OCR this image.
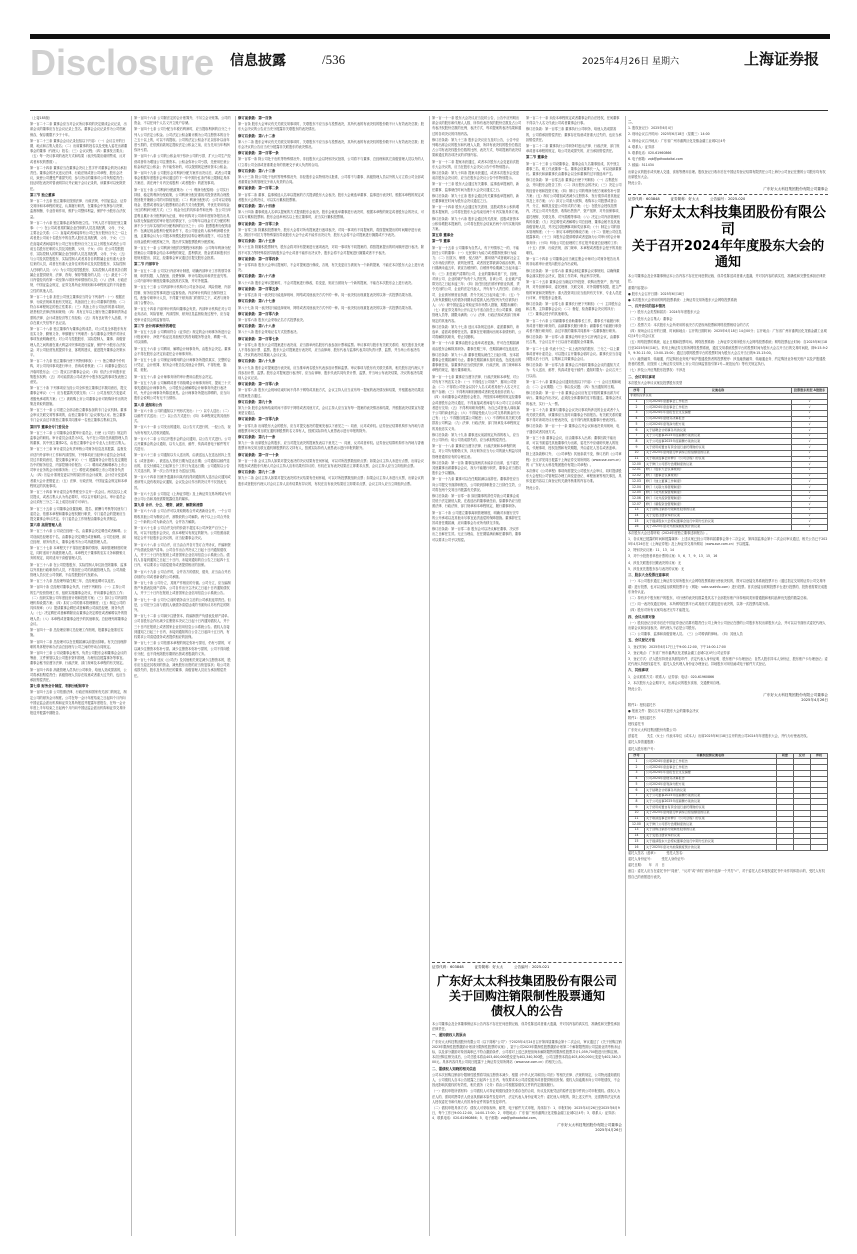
Disclosure	信息披露	/536	2025年4月26日 星期六	上海证券报
（上接185版）
第一百二十二条 董事会应当对会议所议事项的决定做成会议记录，出席会议的董事应当在会议记录上签名。董事会会议记录作为公司档案保存，保存期限不少于十年。
第一百二十三条 董事会会议记录包括以下内容：（一）会议召开的日期、地点和召集人姓名；（二）出席董事的姓名以及受他人委托出席董事会的董事（代理人）姓名；（三）会议议程；（四）董事发言要点；（五）每一决议事项的表决方式和结果（表决结果应载明赞成、反对或者弃权的票数）。
第一百二十四条 董事应当在董事会决议上签字并对董事会的决议承担责任。董事会的决议违反法律、行政法规或者公司章程、股东会决议，致使公司遭受严重损失的，参与决议的董事对公司负赔偿责任；经证明在表决时曾表明异议并记载于会议记录的，该董事可以免除责任。
第三节 独立董事
第一百二十五条 独立董事应按照法律、行政法规、中国证监会、证券交易所和本章程的规定，认真履行职责，在董事会中发挥参与决策、监督制衡、专业咨询作用，维护公司整体利益，保护中小股东合法权益。
第一百二十六条 独立董事必须保持独立性。下列人员不得担任独立董事：（一）在公司或者其附属企业任职的人员及其配偶、父母、子女、主要社会关系；（二）直接或者间接持有公司已发行股份百分之一以上或者是公司前十名股东中的自然人股东及其配偶、父母、子女；（三）在直接或者间接持有公司已发行股份百分之五以上的股东或者在公司前五名股东任职的人员及其配偶、父母、子女；（四）在公司控股股东、实际控制人的附属企业任职的人员及其配偶、父母、子女；（五）与公司及其控股股东、实际控制人或者其各自的附属企业有重大业务往来的人员，或者在有重大业务往来的单位及其控股股东、实际控制人任职的人员；（六）为公司及其控股股东、实际控制人或者其各自附属企业提供财务、法律、咨询、保荐等服务的人员；（七）最近十二个月内曾经具有第一项至第六项所列举情形的人员；（八）法律、行政法规、中国证监会规定、证券交易所业务规则和本章程规定的不具备独立性的其他人员。
第一百二十七条 担任公司独立董事应当符合下列条件：（一）根据法律、行政法规和其他有关规定，具备担任上市公司董事的资格；（二）符合本章程规定的独立性要求；（三）具备上市公司运作的基本知识，熟悉相关法律法规和规则；（四）具有五年以上履行独立董事职责所必需的法律、会计或者经济等工作经验；（五）具有良好的个人品德，不存在重大失信等不良记录。
第一百二十八条 独立董事作为董事会的成员，对公司及全体股东负有忠实义务、勤勉义务，审慎履行下列职责：参与董事会决策并对所议事项发表明确意见；对公司与控股股东、实际控制人、董事、高级管理人员之间的潜在重大利益冲突事项进行监督，保护中小股东合法权益；对公司经营发展提供专业、客观的建议，促进提升董事会决策水平。
第一百二十九条 独立董事行使下列特别职权：（一）独立聘请中介机构，对公司具体事项进行审计、咨询或者核查；（二）向董事会提议召开临时股东会；（三）提议召开董事会会议；（四）依法公开向股东征集股东权利；（五）对可能损害公司或者中小股东权益的事项发表独立意见。
第一百三十条 下列事项应当经公司全体独立董事过半数同意后，提交董事会审议：（一）应当披露的关联交易；（二）公司及相关方变更或者豁免承诺的方案；（三）被收购上市公司董事会针对收购所作出的决策及采取的措施。
第一百三十一条 公司建立全部由独立董事参加的专门会议机制。董事会审议关联交易等事项的，由独立董事专门会议事先认可。独立董事专门会议由过半数独立董事共同推举一名独立董事召集和主持。
第四节 董事会专门委员会
第一百三十二条 公司董事会设置审计委员会，行使《公司法》规定的监事会的职权。审计委员会成员为3名，为不在公司担任高级管理人员的董事，其中独立董事2名，由独立董事中会计专业人士担任召集人。
第一百三十三条 审计委员会负责审核公司财务信息及其披露、监督及评估内外部审计工作和内部控制，下列事项应当经审计委员会全体成员过半数同意后，提交董事会审议：（一）披露财务会计报告及定期报告中的财务信息、内部控制评价报告；（二）聘用或者解聘承办上市公司审计业务的会计师事务所；（三）聘任或者解聘上市公司财务负责人；（四）因会计准则变更以外的原因作出会计政策、会计估计变更或者重大会计差错更正；（五）法律、行政法规、中国证监会规定和本章程规定的其他事项。
第一百三十四条 审计委员会每季度至少召开一次会议。两名及以上成员提议，或者召集人认为有必要时，可以召开临时会议。审计委员会会议须有三分之二以上成员出席方可举行。
第一百三十五条 公司董事会设置战略、提名、薪酬与考核等其他专门委员会，依照本章程和董事会授权履行职责，专门委员会的提案应当提交董事会审议决定。专门委员会工作规程由董事会负责制定。
第六章 高级管理人员
第一百三十六条 公司设总经理一名，由董事会决定聘任或者解聘。公司设副总经理若干名，由董事会决定聘任或者解聘。公司总经理、副总经理、财务负责人、董事会秘书为公司高级管理人员。
第一百三十七条 本章程关于不得担任董事的情形、离职管理制度的规定，同时适用于高级管理人员。本章程关于董事的忠实义务和勤勉义务的规定，同时适用于高级管理人员。
第一百三十八条 在公司控股股东、实际控制人单位担任除董事、监事以外其他行政职务的人员，不得担任公司的高级管理人员。公司高级管理人员仅在公司领薪，不由控股股东代发薪水。
第一百三十九条 总经理每届任期三年，总经理连聘可以连任。
第一百四十条 总经理对董事会负责，行使下列职权：（一）主持公司的生产经营管理工作，组织实施董事会决议，并向董事会报告工作；（二）组织实施公司年度经营计划和投资方案；（三）拟订公司内部管理机构设置方案；（四）拟订公司的基本管理制度；（五）制定公司的具体规章；（六）提请董事会聘任或者解聘公司副总经理、财务负责人；（七）决定聘任或者解聘除应由董事会决定聘任或者解聘以外的管理人员；（八）本章程或者董事会授予的其他职权。总经理列席董事会会议。
第一百四十一条 总经理应制订总经理工作细则，报董事会批准后实施。
第一百四十二条 总经理可以在任期届满以前提出辞职。有关总经理辞职的具体程序和办法由总经理与公司之间的劳动合同规定。
第一百四十三条 公司设董事会秘书，负责公司股东会和董事会会议的筹备、文件保管以及公司股东资料管理，办理信息披露事务等事宜。董事会秘书应遵守法律、行政法规、部门规章及本章程的有关规定。
第一百四十四条 高级管理人员执行公司职务，给他人造成损害的，公司将承担赔偿责任；高级管理人员存在故意或者重大过失的，也应当承担赔偿责任。
第七章 财务会计制度、利润分配和审计
第一百四十五条 公司依照法律、行政法规和国家有关部门的规定，制定公司的财务会计制度。公司在每一会计年度结束之日起四个月内向中国证监会派出机构和证券交易所报送并披露年度报告，在每一会计年度上半年结束之日起两个月内向中国证监会派出机构和证券交易所报送并披露中期报告。
第一百四十六条 公司除法定的会计账簿外，不另立会计账簿。公司的资金，不以任何个人名义开立账户存储。
第一百四十七条 公司分配当年税后利润时，应当提取利润的百分之十列入公司法定公积金。公司法定公积金累计额为公司注册资本的百分之五十以上的，可以不再提取。公司的法定公积金不足以弥补以前年度亏损的，在依照前款规定提取法定公积金之前，应当先用当年利润弥补亏损。
第一百四十八条 公司的公积金用于弥补公司的亏损、扩大公司生产经营或者转为增加公司注册资本。公积金弥补公司亏损，先使用任意公积金和法定公积金；仍不能弥补的，可以按照规定使用资本公积金。
第一百四十九条 公司股东会对利润分配方案作出决议后，或者公司董事会根据年度股东会审议通过的下一年中期分红条件和上限制定具体方案后，须在两个月内完成股利（或者股份）的派发事项。
第一百五十条 公司利润分配政策为：（一）利润分配原则：公司实行持续、稳定的利润分配政策，公司利润分配应重视对投资者的合理投资回报并兼顾公司的可持续发展；（二）利润分配形式：公司可以采取现金、股票或者现金与股票相结合的方式分配股利，并优先采用现金分红的利润分配方式；（三）现金分红的具体条件和比例：在公司当年盈利且累计未分配利润为正值、审计机构对公司该年度财务报告出具标准无保留意见的审计报告的情况下，公司每年以现金方式分配的利润不少于当年实现的可分配利润的百分之十；（四）股票股利分配的条件：在满足现金股利分配的条件下，若公司营业收入和净利润增长快速，且董事会认为公司股本规模及股权结构合理的前提下，可以在提出现金股利分配预案之外，提出并实施股票股利分配预案。
第一百五十一条 公司利润分配的决策程序和机制：公司每年利润分配预案由公司董事会结合本章程的规定、盈利情况、资金需求和股东回报规划提出、拟定，经董事会审议通过后提交股东会批准。
第二节 内部审计
第一百五十二条 公司实行内部审计制度，明确内部审计工作的领导体制、职责权限、人员配备、经费保障、审计结果运用和责任追究等。公司内部审计制度经董事会批准后实施，并对外披露。
第一百五十三条 公司内部审计机构对公司业务活动、风险管理、内部控制、财务信息等事项进行监督检查。内部审计机构应当保持独立性，配备专职审计人员，不得置于财务部门的领导之下，或者与财务部门合署办公。
第一百五十四条 内部审计机构向董事会负责。内部审计机构在对公司业务活动、风险管理、内部控制、财务信息监督检查过程中，应当接受审计委员会的监督指导。
第三节 会计师事务所的聘任
第一百五十五条 公司聘用符合《证券法》规定的会计师事务所进行会计报表审计、净资产验证及其他相关的咨询服务等业务，聘期一年，可以续聘。
第一百五十六条 公司聘用、解聘会计师事务所，由股东会决定。董事会不得在股东会决定前委任会计师事务所。
第一百五十七条 公司保证向聘用的会计师事务所提供真实、完整的会计凭证、会计账簿、财务会计报告及其他会计资料，不得拒绝、隐匿、谎报。
第一百五十八条 会计师事务所的审计费用由股东会决定。
第一百五十九条 公司解聘或者不再续聘会计师事务所时，提前三十天事先通知会计师事务所，公司股东会就解聘会计师事务所进行表决时，允许会计师事务所陈述意见。会计师事务所提出辞聘的，应当向股东会说明公司有无不当情形。
第八章 通知和公告
第一百六十条 公司的通知以下列形式发出：（一）以专人送出；（二）以邮件方式送出；（三）以公告方式进行；（四）本章程规定的其他形式。
第一百六十一条 公司发出的通知，以公告方式进行的，一经公告，视为所有相关人员收到通知。
第一百六十二条 公司召开股东会的会议通知，以公告方式进行。公司召开董事会的会议通知，以专人送出、邮件、传真或者电子邮件等方式进行。
第一百六十三条 公司通知以专人送出的，由被送达人在送达回执上签名（或者盖章），被送达人签收日期为送达日期；公司通知以邮件送出的，自交付邮局之日起第五个工作日为送达日期；公司通知以公告方式送出的，第一次公告刊登日为送达日期。
第一百六十四条 因意外遗漏未向某有权得到通知的人送出会议通知或者该等人没有收到会议通知，会议及会议作出的决议并不仅因此无效。
第一百六十五条 公司指定《上海证券报》及上海证券交易所网站为刊登公司公告和其他需要披露信息的媒体。
第九章 合并、分立、增资、减资、解散和清算
第一百六十六条 公司合并可以采取吸收合并或者新设合并。一个公司吸收其他公司为吸收合并，被吸收的公司解散。两个以上公司合并设立一个新的公司为新设合并，合并各方解散。
第一百六十七条 公司合并支付的价款不超过本公司净资产百分之十的，可以不经股东会决议，但本章程另有规定的除外。公司依照前款规定合并不经股东会决议的，应当经董事会决议。
第一百六十八条 公司合并，应当由合并各方签订合并协议，并编制资产负债表及财产清单。公司自作出合并决议之日起十日内通知债权人，并于三十日内在报纸上或者国家企业信用信息公示系统公告。债权人自接到通知之日起三十日内，未接到通知的自公告之日起四十五日内，可以要求公司清偿债务或者提供相应的担保。
第一百六十九条 公司合并时，合并各方的债权、债务，应当由合并后存续的公司或者新设的公司承继。
第一百七十条 公司分立，其财产作相应的分割。公司分立，应当编制资产负债表及财产清单。公司自作出分立决议之日起十日内通知债权人，并于三十日内在报纸上或者国家企业信用信息公示系统公告。
第一百七十一条 公司分立前的债务由分立后的公司承担连带责任。但是，公司在分立前与债权人就债务清偿达成的书面协议另有约定的除外。
第一百七十二条 公司减少注册资本，将编制资产负债表及财产清单。公司自股东会作出减少注册资本决议之日起十日内通知债权人，并于三十日内在报纸上或者国家企业信用信息公示系统公告。债权人自接到通知之日起三十日内，未接到通知的自公告之日起四十五日内，有权要求公司清偿债务或者提供相应的担保。
第一百七十三条 公司依照本章程的规定弥补亏损后，仍有亏损的，可以减少注册资本弥补亏损。减少注册资本弥补亏损的，公司不得向股东分配，也不得免除股东缴纳出资或者股款的义务。
第一百七十四条 违反《公司法》及其他相关规定减少注册资本的，股东应当退还其收到的资金，减免股东出资的应当恢复原状；给公司造成损失的，股东及负有责任的董事、高级管理人员应当承担赔偿责任。
修订前条款：第一百条
第一百条 股东大会审议有关关联交易事项时，关联股东不应当参与投票表决，其所代表的有表决权的股份数不计入有效表决总数；股东大会决议的公告应当充分披露非关联股东的表决情况。
修订后条款：第八十二条
第八十二条 股东会审议有关关联交易事项时，关联股东不应当参与投票表决，其所代表的有表决权的股份数不计入有效表决总数；股东会决议的公告应当充分披露非关联股东的表决情况。
修订前条款：第一百零一条
第一百零一条 除公司处于危机等特殊情况外，非经股东大会以特别决议批准，公司将不与董事、总经理和其它高级管理人员以外的人订立将公司全部或者重要业务的管理交予该人负责的合同。
修订后条款：第八十三条
第八十三条 除公司处于危机等特殊情况外，非经股东会以特别决议批准，公司将不与董事、高级管理人员以外的人订立将公司全部或者重要业务的管理交予该人负责的合同。
修订前条款：第一百零二条
第一百零二条 董事、监事候选人名单以提案的方式提请股东大会表决。股东大会就选举董事、监事进行表决时，根据本章程的规定或者股东大会的决议，可以实行累积投票制。
修订后条款：第八十四条
第八十四条 董事候选人名单以提案的方式提请股东会表决。股东会就选举董事进行表决时，根据本章程的规定或者股东会的决议，可以实行累积投票制。股东会选举两名以上独立董事时，应当实行累积投票制。
修订前条款：第一百零三条
第一百零三条 除累积投票制外，股东大会将对所有提案进行逐项表决，对同一事项有不同提案的，将按提案提出的时间顺序进行表决。除因不可抗力等特殊原因导致股东大会中止或不能作出决议外，股东大会将不会对提案进行搁置或不予表决。
修订后条款：第八十五条
第八十五条 除累积投票制外，股东会将对所有提案进行逐项表决，对同一事项有不同提案的，将按提案提出的时间顺序进行表决。除因不可抗力等特殊原因导致股东会中止或者不能作出决议外，股东会将不会对提案进行搁置或者不予表决。
修订前条款：第一百零四条
第一百零四条 股东大会审议提案时，不会对提案进行修改，否则，有关变更应当被视为一个新的提案，不能在本次股东大会上进行表决。
修订后条款：第八十六条
第八十六条 股东会审议提案时，不会对提案进行修改，若变更，则应当被视为一个新的提案，不能在本次股东会上进行表决。
修订前条款：第一百零五条
第一百零五条 同一表决权只能选择现场、网络或其他表决方式中的一种。同一表决权出现重复表决的以第一次投票结果为准。
修订后条款：第八十七条
第八十七条 同一表决权只能选择现场、网络或者其他表决方式中的一种。同一表决权出现重复表决的以第一次投票结果为准。
修订前条款：第一百零六条
第一百零六条 股东大会采取记名方式投票表决。
修订后条款：第八十八条
第八十八条 股东会采取记名方式投票表决。
修订前条款：第一百零七条
第一百零七条 股东大会对提案进行表决前，应当推举两名股东代表参加计票和监票。审议事项与股东有关联关系的，相关股东及代理人不得参加计票、监票。股东大会对提案进行表决时，应当由律师、股东代表与监事代表共同负责计票、监票，并当场公布表决结果，决议的表决结果载入会议记录。
修订后条款：第八十九条
第八十九条 股东会对提案进行表决前，应当推举两名股东代表参加计票和监票。审议事项与股东有关联关系的，相关股东及代理人不得参加计票、监票。股东会对提案进行表决时，应当由律师、股东代表共同负责计票、监票，并当场公布表决结果，决议的表决结果载入会议记录。
修订前条款：第一百零八条
第一百零八条 股东大会现场结束时间不得早于网络或其他方式，会议主持人应当宣布每一提案的表决情况和结果，并根据表决结果宣布提案是否通过。
修订后条款：第九十条
第九十条 股东会现场结束时间不得早于网络或者其他方式，会议主持人应当宣布每一提案的表决情况和结果，并根据表决结果宣布提案是否通过。
修订前条款：第一百零九条
第一百零九条 出席股东大会的股东，应当对提交表决的提案发表以下意见之一：同意、反对或弃权。证券登记结算机构作为内地与香港股票市场交易互联互通机制股票的名义持有人，按照实际持有人意思表示进行申报的除外。
修订后条款：第九十一条
第九十一条 出席股东会的股东，应当对提交表决的提案发表以下意见之一：同意、反对或者弃权。证券登记结算机构作为内地与香港股票市场交易互联互通机制股票的名义持有人，按照实际持有人意思表示进行申报的除外。
修订前条款：第一百一十条
第一百一十条 会议主持人如果对提交表决的决议结果有任何怀疑，可以对所投票数组织点票；如果会议主持人未进行点票，出席会议的股东或者股东代理人对会议主持人宣布结果有异议的，有权在宣布表决结果后立即要求点票，会议主持人应当立即组织点票。
修订后条款：第九十二条
第九十二条 会议主持人如果对提交表决的决议结果有任何怀疑，可以对所投票数组织点票；如果会议主持人未进行点票，出席会议的股东或者股东代理人对会议主持人宣布结果有异议的，有权在宣布表决结果后立即要求点票，会议主持人应当立即组织点票。
第一百一十一条 股东大会决议应当及时公告，公告中应列明出席会议的股东和代理人人数、所持有表决权的股份总数及占公司有表决权股份总数的比例、表决方式、每项提案的表决结果和通过的各项决议的详细内容。
修订后条款：第九十三条 股东会决议应当及时公告，公告中应列明出席会议的股东和代理人人数、所持有表决权的股份总数及占公司有表决权股份总数的比例、表决方式、每项提案的表决结果和通过的各项决议的详细内容。
第一百一十二条 提案未获通过，或者本次股东大会变更前次股东大会决议的，应当在股东大会决议公告中作特别提示。
修订后条款：第九十四条 提案未获通过，或者本次股东会变更前次股东会决议的，应当在股东会决议公告中作特别提示。
第一百一十三条 股东大会通过有关董事、监事选举提案的，新任董事、监事就任时间为股东大会决议通过之日。
修订后条款：第九十五条 股东会通过有关董事选举提案的，新任董事就任时间为股东会决议通过之日。
第一百一十四条 股东大会通过有关派现、送股或资本公积转增股本提案的，公司将在股东大会结束后两个月内实施具体方案。
修订后条款：第九十六条 股东会通过有关派现、送股或者资本公积转增股本提案的，公司将在股东会结束后两个月内实施具体方案。
第五章 董事会
第一节 董事
第一百一十五条 公司董事为自然人，有下列情形之一的，不能担任公司的董事：（一）无民事行为能力或者限制民事行为能力；（二）因贪污、贿赂、侵占财产、挪用财产或者破坏社会主义市场经济秩序，被判处刑罚，或者因犯罪被剥夺政治权利，执行期满未逾五年，被宣告缓刑的，自缓刑考验期满之日起未逾二年；（三）担任破产清算的公司、企业的董事或者厂长、经理，对该公司、企业的破产负有个人责任的，自该公司、企业破产清算完结之日起未逾三年；（四）担任因违法被吊销营业执照、责令关闭的公司、企业的法定代表人，并负有个人责任的，自该公司、企业被吊销营业执照、责令关闭之日起未逾三年；（五）个人所负数额较大的债务到期未清偿被人民法院列为失信被执行人；（六）被中国证监会采取证券市场禁入措施，期限未满的；（七）被证券交易所公开认定为不适合担任上市公司董事、高级管理人员等，期限未满的；（八）法律、行政法规或者部门规章规定的其他内容。
修订后条款：第九十七条 违反本条规定选举、委派董事的，该选举、委派或者聘任无效。董事在任职期间出现本条情形的，公司将解除其职务，停止其履职。
第一百一十六条 董事由股东会选举或者更换，并可在任期届满前由股东会解除其职务。董事任期三年，任期届满可连选连任。
修订后条款：第九十八条 董事任期从就任之日起计算，至本届董事会任期届满时为止。董事任期届满未及时改选，在改选出的董事就任前，原董事仍应当依照法律、行政法规、部门规章和本章程的规定，履行董事职务。
第一百一十七条 董事应当遵守法律、行政法规和本章程，对公司负有下列忠实义务：（一）不得侵占公司财产、挪用公司资金；（二）不得将公司资金以其个人名义或者其他个人名义开立账户存储；（三）不得利用职权贿赂或者收受其他非法收入；（四）未向董事会或者股东会报告，并按照本章程的规定经董事会或者股东会决议通过，不得直接或者间接与本公司订立合同或者进行交易；（五）不得利用职务便利，为自己或者他人谋取属于公司的商业机会；（六）不得接受他人与公司交易的佣金归为己有；（七）不得擅自披露公司秘密；（八）不得利用其关联关系损害公司利益；（九）法律、行政法规、部门规章及本章程规定的其他忠实义务。
修订后条款：第九十九条 董事违反前款规定所得的收入，应当归公司所有；给公司造成损失的，应当承担赔偿责任。
第一百一十八条 董事应当遵守法律、行政法规和本章程的规定，对公司负有勤勉义务，执行职务应当为公司的最大利益尽到管理者通常应有的合理注意。
修订后条款：第一百条 董事连续两次未能亲自出席，也不委托其他董事出席董事会会议，视为不能履行职责，董事会应当建议股东会予以撤换。
第一百一十九条 董事可以在任期届满以前辞任。董事辞任应当向公司提交书面辞职报告，公司收到辞职报告之日辞任生效，公司将在两个交易日内披露有关情况。
修订后条款：第一百零一条 如因董事的辞任导致公司董事会成员低于法定最低人数，在改选出的董事就任前，原董事仍应当依照法律、行政法规、部门规章和本章程规定，履行董事职务。
第一百二十条 公司建立董事离职管理制度，明确对未履行完毕的公开承诺以及其他未尽事宜追责追偿的保障措施。董事辞任生效或者任期届满，应向董事会办妥所有移交手续。
修订后条款：第一百零二条 股东会可以决议解任董事，决议作出之日解任生效。无正当理由，在任期届满前解任董事的，董事可以要求公司予以赔偿。
第一百二十一条 未经本章程规定或者董事会的合法授权，任何董事不得以个人名义代表公司或者董事会行事。
修订后条款：第一百零三条 董事执行公司职务，给他人造成损害的，公司将承担赔偿责任；董事存在故意或者重大过失的，也应当承担赔偿责任。
第一百二十二条 董事执行公司职务时违反法律、行政法规、部门规章或者本章程的规定，给公司造成损失的，应当承担赔偿责任。
第二节 董事会
第一百二十三条 公司设董事会，董事会由九名董事组成，其中独立董事三名，职工代表董事一名。董事会设董事长一人，可以设副董事长。董事长和副董事长由董事会以全体董事的过半数选举产生。
修订后条款：第一百零五条 董事会行使下列职权：（一）召集股东会，并向股东会报告工作；（二）执行股东会的决议；（三）决定公司的经营计划和投资方案；（四）制订公司的利润分配方案和弥补亏损方案；（五）制订公司增加或者减少注册资本、发行债券或者其他证券及上市方案；（六）拟订公司重大收购、收购本公司股票或者合并、分立、解散及变更公司形式的方案；（七）在股东会授权范围内，决定公司对外投资、收购出售资产、资产抵押、对外担保事项、委托理财、关联交易、对外捐赠等事项；（八）决定公司内部管理机构的设置；（九）决定聘任或者解聘公司总经理、董事会秘书及其他高级管理人员，并决定其报酬事项和奖惩事项；（十）制定公司的基本管理制度；（十一）制订本章程的修改方案；（十二）管理公司信息披露事项；（十三）向股东会提请聘请或者更换为公司审计的会计师事务所；（十四）听取公司总经理的工作汇报并检查总经理的工作；（十五）法律、行政法规、部门规章、本章程或者股东会授予的其他职权。
第一百二十四条 公司董事会应当就注册会计师对公司财务报告出具的非标准审计意见向股东会作出说明。
修订后条款：第一百零六条 董事会制定董事会议事规则，以确保董事会落实股东会决议，提高工作效率，保证科学决策。
第一百二十五条 董事会应当确定对外投资、收购出售资产、资产抵押、对外担保事项、委托理财、关联交易、对外捐赠等权限，建立严格的审查和决策程序；重大投资项目应当组织有关专家、专业人员进行评审，并报股东会批准。
修订后条款：第一百零七条 董事长行使下列职权：（一）主持股东会和召集、主持董事会会议；（二）督促、检查董事会决议的执行；（三）董事会授予的其他职权。
第一百二十六条 公司副董事长协助董事长工作，董事长不能履行职务或者不履行职务的，由副董事长履行职务；副董事长不能履行职务或者不履行职务的，由过半数的董事共同推举一名董事履行职务。
修订后条款：第一百零八条 董事会每年至少召开两次会议，由董事长召集，于会议召开十日以前书面通知全体董事。
第一百二十七条 代表十分之一以上表决权的股东、三分之一以上董事或者审计委员会，可以提议召开董事会临时会议。董事长应当自接到提议后十日内，召集和主持董事会会议。
修订后条款：第一百零九条 董事会召开临时董事会会议的通知方式为：专人送出、邮件、传真或者电子邮件；通知时限为：会议召开三日以前。
第一百二十八条 董事会会议通知包括以下内容：（一）会议日期和地点；（二）会议期限；（三）事由及议题；（四）发出通知的日期。
修订后条款：第一百一十条 董事会会议应有过半数的董事出席方可举行。董事会作出决议，必须经全体董事的过半数通过。董事会决议的表决，实行一人一票。
第一百二十九条 董事与董事会会议决议事项所涉及的企业或者个人有关联关系的，该董事应当及时向董事会书面报告。有关联关系的董事不得对该项决议行使表决权，也不得代理其他董事行使表决权。
修订后条款：第一百一十一条 董事会召开会议和表决采用现场、电子通信或者其他方式。
第一百三十条 董事会会议，应由董事本人出席；董事因故不能出席，可以书面委托其他董事代为出席，委托书中应载明代理人的姓名，代理事项、授权范围和有效期限，并由委托人签名或者盖章。
除上述条款修订外，《公司章程》其他条款不变，修订后的《公司章程》全文详见同日披露于上海证券交易所网站（www.sse.com.cn）的《广东好太太科技集团股份有限公司章程》。
本次修订《公司章程》事项尚需提交公司股东大会审议，同时提请股东大会授权公司管理层办理工商变更登记、章程备案等相关事宜，具体变更内容以工商登记机关最终核准的内容为准。
特此公告。
证券代码：603848　　　证券简称：好太太　　　公告编号：2025-021
广东好太太科技集团股份有限公司
关于回购注销限制性股票通知
债权人的公告
本公司董事会及全体董事保证本公告内容不存在任何虚假记载、误导性陈述或者重大遗漏，并对其内容的真实性、准确性和完整性承担法律责任。
一、通知债权人的原由
广东好太太科技集团股份有限公司（以下简称“公司”）于2025年4月24日召开第四届董事会第十二次会议，审议通过了《关于回购注销2023年限制性股票激励计划部分限制性股票的议案》，鉴于公司2023年限制性股票激励计划第二个解除限售期公司层面业绩考核未达标，以及部分激励对象因离职已不符合激励条件，公司将对上述已获授但尚未解除限售的限制性股票共计1,059,700股进行回购注销。本次回购注销完成后，公司总股本将由403,400,000股变更为402,340,300股，公司注册资本将由403,400,000元变更为402,340,300元。具体内容详见公司同日披露于上海证券交易所网站（www.sse.com.cn）的相关公告。
二、需债权人知晓的相关信息
公司本次回购注销部分限制性股票将导致注册资本减少，根据《中华人民共和国公司法》等相关法律、法规的规定，公司特此通知债权人，公司债权人自本公告披露之日起四十五日内，有权要求本公司清偿债务或者提供相应担保。债权人如逾期未向公司申报债权，不会因此影响其债权的有效性，相关债务（义务）将由公司根据原债权文件的约定继续履行。
（一）债权申报所需材料：公司债权人可持证明债权债务关系存在的合同、协议及其他凭证的原件及复印件到公司申报债权。债权人为法人的，需同时携带法人营业执照副本原件及复印件、法定代表人身份证明文件；委托他人申报的，除上述文件外，还需携带法定代表人授权委托书和代理人有效身份证件的原件及复印件。
（二）债权申报具体方式：债权人可采取现场、邮寄、电子邮件方式申报，具体如下：1、申报时间：2025年4月26日至2025年6月9日，每个工作日9:00-12:00，14:00-17:00；2、申报地点：广东省广州市番禺区化龙镇金湖工业城C区4号；3、联系人：证券部；4、联系电话：020-61960866；5、电子邮箱：zqb@gdhaotaitai.com。
广东好太太科技集团股份有限公司董事会
2025年4月26日
二、
1. 股权登记日：2025年6月4日
2. 现场会议召开时间：2025年6月18日（星期三）14:00
3. 现场会议召开地点：广东省广州市番禺区化龙镇金湖工业城C区4号
4. 联系人：证券部
5. 联系电话：020-61960866
6. 电子邮箱：zqb@gdhaotaitai.com
7. 邮编：511434
出席会议的股东或代理人交通、食宿等费用自理。股权登记日收市后在中国证券登记结算有限责任公司上海分公司登记在册的公司股东均有权出席股东大会。
特此公告。
广东好太太科技集团股份有限公司董事会
证券代码：603848　　　证券简称：好太太　　　公告编号：2025-020
广东好太太科技集团股份有限公司
关于召开2024年年度股东大会的
通知
本公司董事会及全体董事保证本公告内容不存在任何虚假记载、误导性陈述或者重大遗漏，并对其内容的真实性、准确性和完整性承担法律责任。
重要内容提示：
● 股东大会召开日期：2025年6月18日
● 本次股东大会采用的网络投票系统：上海证券交易所股东大会网络投票系统
一、召开会议的基本情况
（一）股东大会类型和届次：2024年年度股东大会
（二）股东大会召集人：董事会
（三）投票方式：本次股东大会所采用的表决方式是现场投票和网络投票相结合的方式
（四）现场会议召开的日期、时间和地点：召开的日期时间：2025年6月18日 14点00分；召开地点：广东省广州市番禺区化龙镇金湖工业城C区4号公司会议室
（五）网络投票的系统、起止日期和投票时间。网络投票系统：上海证券交易所股东大会网络投票系统；网络投票起止时间：自2025年6月18日至2025年6月18日。采用上海证券交易所网络投票系统，通过交易系统投票平台的投票时间为股东大会召开当日的交易时间段，即9:15-9:25，9:30-11:30，13:00-15:00；通过互联网投票平台的投票时间为股东大会召开当日的9:15-15:00。
（六）融资融券、转融通、约定购回业务账户和沪股通投资者的投票程序：涉及融资融券、转融通业务、约定购回业务相关账户以及沪股通投资者的投票，应按照《上海证券交易所上市公司自律监管指引第1号—规范运作》等有关规定执行。
（七）涉及公开征集股东投票权：不涉及
二、会议审议事项
本次股东大会审议议案及投票股东类型
序号	议案名称	投票股东类型 A股股东
非累积投票议案		
1	公司2024年度董事会工作报告	√
2	公司2024年度监事会工作报告	√
3	公司2024年年度报告全文及摘要	√
4	公司2024年度财务决算报告	√
5	公司2024年度利润分配方案	√
6	关于续聘会计师事务所的议案	√
7	关于公司董事2025年度薪酬方案的议案	√
8	关于公司监事2025年度薪酬方案的议案	√
9	关于使用闲置自有资金进行委托理财的议案	√
10	关于2025年度向银行申请综合授信额度的议案	√
11	关于取消监事会并修订《公司章程》的议案	√
12.00	关于修订公司部分治理制度的议案	√
12.01	修订《股东大会议事规则》	√
12.02	修订《董事会议事规则》	√
12.03	修订《独立董事工作制度》	√
12.04	修订《关联交易管理制度》	√
12.05	修订《对外担保管理制度》	√
12.06	修订《对外投资管理制度》	√
12.07	修订《募集资金管理制度》	√
13	关于回购注销部分限制性股票的议案	√
14	关于变更注册资本的议案	√
15	关于提请股东大会授权董事会进行中期分红的议案	√
16	关于2025年度对外担保额度预计的议案	√
本次股东大会还将听取《2024年度独立董事述职报告》。
1、各议案已披露的时间和披露媒体：上述议案已经公司第四届董事会第十二次会议、第四届监事会第十二次会议审议通过，相关公告已于2025年4月26日在《上海证券报》及上海证券交易所网站（www.sse.com.cn）予以披露。
2、特别决议议案：11、13、14
3、对中小投资者单独计票的议案：5、6、7、9、13、15、16
4、涉及关联股东回避表决的议案：无
5、涉及优先股股东参与表决的议案：无
三、股东大会投票注意事项
（一）本公司股东通过上海证券交易所股东大会网络投票系统行使表决权的，既可以登陆交易系统投票平台（通过指定交易的证券公司交易终端）进行投票，也可以登陆互联网投票平台（网址：vote.sseinfo.com）进行投票。首次登陆互联网投票平台进行投票的，投资者需要完成股东身份认证。
（二）持有多个股东账户的股东，可行使的表决权数量是其名下全部股东账户所持相同类别普通股和相同品种优先股的数量总和。
（三）同一表决权通过现场、本所网络投票平台或其他方式重复进行表决的，以第一次投票结果为准。
（四）股东对所有议案均表决完毕才能提交。
四、会议出席对象
（一）股权登记日收市后在中国证券登记结算有限责任公司上海分公司登记在册的公司股东有权出席股东大会，并可以以书面形式委托代理人出席会议和参加表决。该代理人不必是公司股东。
（二）公司董事、监事和高级管理人员。（三）公司聘请的律师。（四）其他人员
五、会议登记方法
1、登记时间：2025年6月17日上午9:00-12:00，下午14:00-17:00
2、登记地点：广东省广州市番禺区化龙镇金湖工业城C区4号公司证券部
3、登记方式：法人股东持营业执照复印件、法定代表人身份证明、股东账户卡办理登记；自然人股东持本人身份证、股东账户卡办理登记；委托代理人持授权委托书、委托人及代理人身份证办理登记。异地股东可用信函或电子邮件方式登记。
六、其他事项
1、会议联系方式：联系人：证券部；电话：020-61960866
2、本次股东大会会期半天，出席会议的股东食宿、交通费用自理。
特此公告。
广东好太太科技集团股份有限公司董事会
2025年4月26日
附件1：授权委托书
● 报备文件：提议召开本次股东大会的董事会决议
附件1：授权委托书
授权委托书
广东好太太科技集团股份有限公司：
兹委托　　　先生（女士）代表本单位（或本人）出席2025年6月18日召开的贵公司2024年年度股东大会，并代为行使表决权。
委托人持普通股数：
委托人股东账户号：
序号	非累积投票议案名称	同意	反对	弃权
1	公司2024年度董事会工作报告			
2	公司2024年度监事会工作报告			
3	公司2024年年度报告全文及摘要			
4	公司2024年度财务决算报告			
5	公司2024年度利润分配方案			
6	关于续聘会计师事务所的议案			
7	关于公司董事2025年度薪酬方案的议案			
8	关于公司监事2025年度薪酬方案的议案			
9	关于使用闲置自有资金进行委托理财的议案			
10	关于2025年度向银行申请综合授信额度的议案			
11	关于取消监事会并修订《公司章程》的议案			
12.00	关于修订公司部分治理制度的议案			
13	关于回购注销部分限制性股票的议案			
14	关于变更注册资本的议案			
15	关于提请股东大会授权董事会进行中期分红的议案			
16	关于2025年度对外担保额度预计的议案			
委托人签名（盖章）：　　　受托人签名：
委托人身份证号：　　　受托人身份证号：
委托日期：　　年　月　日
备注：委托人应当在委托书中“同意”、“反对”或“弃权”意向中选择一个并打“√”，对于委托人在本授权委托书中未作具体指示的，受托人有权按自己的意愿进行表决。
